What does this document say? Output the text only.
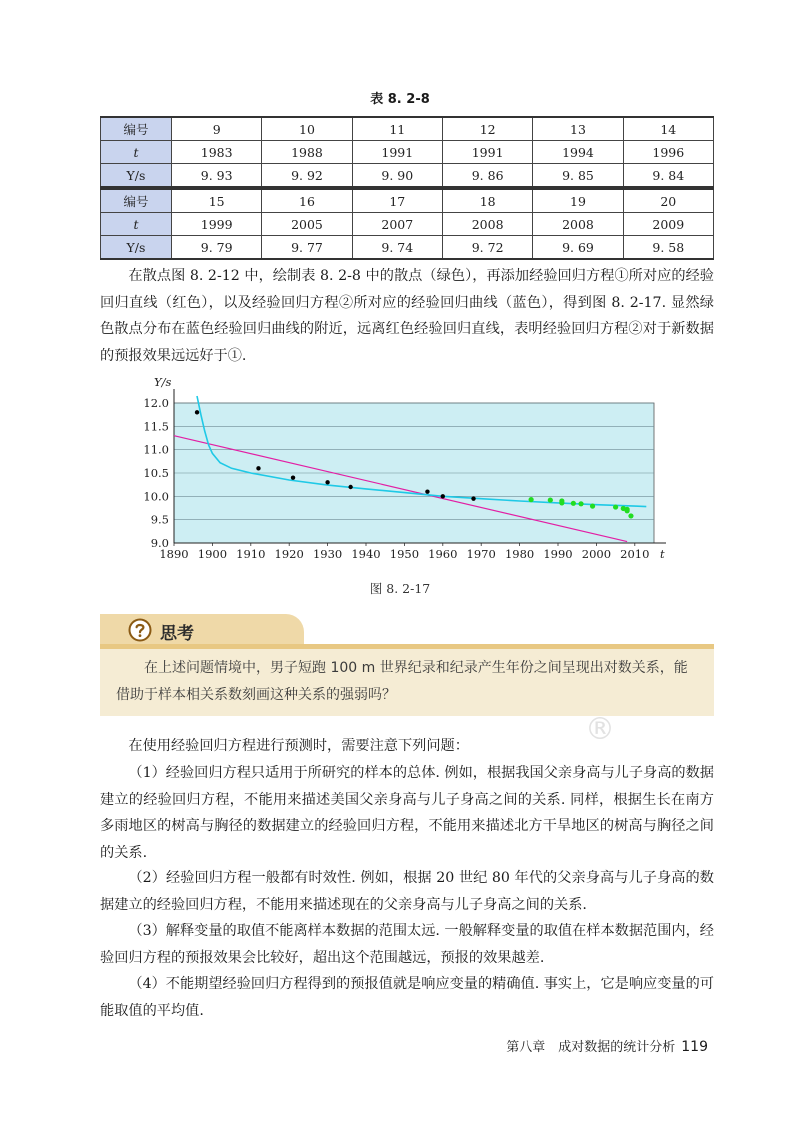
表 8. 2-8
编号	9	10	11	12	13	14
t	1983	1988	1991	1991	1994	1996
Y/s	9. 93	9. 92	9. 90	9. 86	9. 85	9. 84
编号	15	16	17	18	19	20
t	1999	2005	2007	2008	2008	2009
Y/s	9. 79	9. 77	9. 74	9. 72	9. 69	9. 58

在散点图 8. 2-12 中，绘制表 8. 2-8 中的散点（绿色），再添加经验回归方程①所对应的经验回归直线（红色），以及经验回归方程②所对应的经验回归曲线（蓝色），得到图 8. 2-17. 显然绿色散点分布在蓝色经验回归曲线的附近，远离红色经验回归直线，表明经验回归方程②对于新数据的预报效果远远好于①.

9.0
9.5
10.0
10.5
11.0
11.5
12.0
1890 1900 1910 1920 1930 1940 1950 1960 1970 1980 1990 2000 2010
Y/s
t
图 8. 2-17
思考

在上述问题情境中，男子短跑 100 m 世界纪录和纪录产生年份之间呈现出对数关系，能借助于样本相关系数刻画这种关系的强弱吗？

®

在使用经验回归方程进行预测时，需要注意下列问题：

（1）经验回归方程只适用于所研究的样本的总体. 例如，根据我国父亲身高与儿子身高的数据建立的经验回归方程，不能用来描述美国父亲身高与儿子身高之间的关系. 同样，根据生长在南方多雨地区的树高与胸径的数据建立的经验回归方程，不能用来描述北方干旱地区的树高与胸径之间的关系.

（2）经验回归方程一般都有时效性. 例如，根据 20 世纪 80 年代的父亲身高与儿子身高的数据建立的经验回归方程，不能用来描述现在的父亲身高与儿子身高之间的关系.

（3）解释变量的取值不能离样本数据的范围太远. 一般解释变量的取值在样本数据范围内，经验回归方程的预报效果会比较好，超出这个范围越远，预报的效果越差.

（4）不能期望经验回归方程得到的预报值就是响应变量的精确值. 事实上，它是响应变量的可能取值的平均值.

第八章　成对数据的统计分析 119
